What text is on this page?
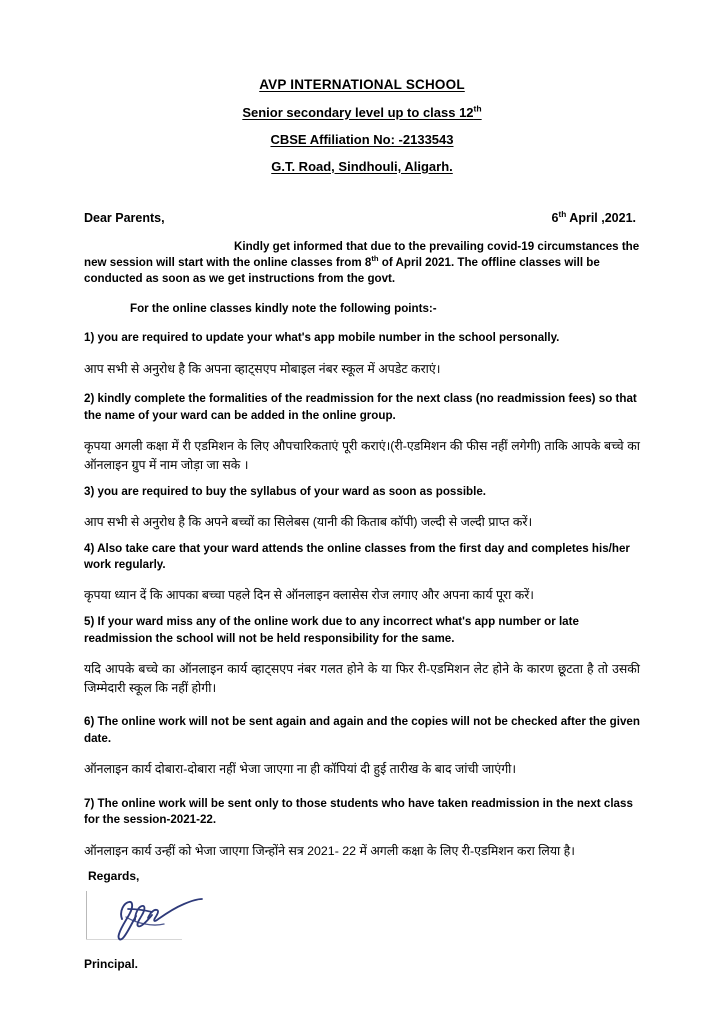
AVP INTERNATIONAL SCHOOL
Senior secondary level up to class 12th
CBSE Affiliation No: -2133543
G.T. Road, Sindhouli, Aligarh.
Dear Parents,	6th April ,2021.

Kindly get informed that due to the prevailing covid-19 circumstances the new session will start with the online classes from 8th of April 2021. The offline classes will be conducted as soon as we get instructions from the govt.

For the online classes kindly note the following points:-

1) you are required to update your what's app mobile number in the school personally.

आप सभी से अनुरोध है कि अपना व्हाट्सएप मोबाइल नंबर स्कूल में अपडेट कराएं।

2) kindly complete the formalities of the readmission for the next class (no readmission fees) so that the name of your ward can be added in the online group.

कृपया अगली कक्षा में री एडमिशन के लिए औपचारिकताएं पूरी कराएं।(री-एडमिशन की फीस नहीं लगेगी) ताकि आपके बच्चे का ऑनलाइन ग्रुप में नाम जोड़ा जा सके ।

3) you are required to buy the syllabus of your ward as soon as possible.

आप सभी से अनुरोध है कि अपने बच्चों का सिलेबस (यानी की किताब कॉपी) जल्दी से जल्दी प्राप्त करें।

4) Also take care that your ward attends the online classes from the first day and completes his/her work regularly.

कृपया ध्यान दें कि आपका बच्चा पहले दिन से ऑनलाइन क्लासेस रोज लगाए और अपना कार्य पूरा करें।

5) If your ward miss any of the online work due to any incorrect what's app number or late readmission the school will not be held responsibility for the same.

यदि आपके बच्चे का ऑनलाइन कार्य व्हाट्सएप नंबर गलत होने के या फिर री-एडमिशन लेट होने के कारण छूटता है तो उसकी जिम्मेदारी स्कूल कि नहीं होगी।

6) The online work will not be sent again and again and the copies will not be checked after the given date.

ऑनलाइन कार्य दोबारा-दोबारा नहीं भेजा जाएगा ना ही कॉपियां दी हुई तारीख के बाद जांची जाएंगी।

7) The online work will be sent only to those students who have taken readmission in the next class for the session-2021-22.

ऑनलाइन कार्य उन्हीं को भेजा जाएगा जिन्होंने सत्र 2021- 22 में अगली कक्षा के लिए री-एडमिशन करा लिया है।

Regards,

Principal.
